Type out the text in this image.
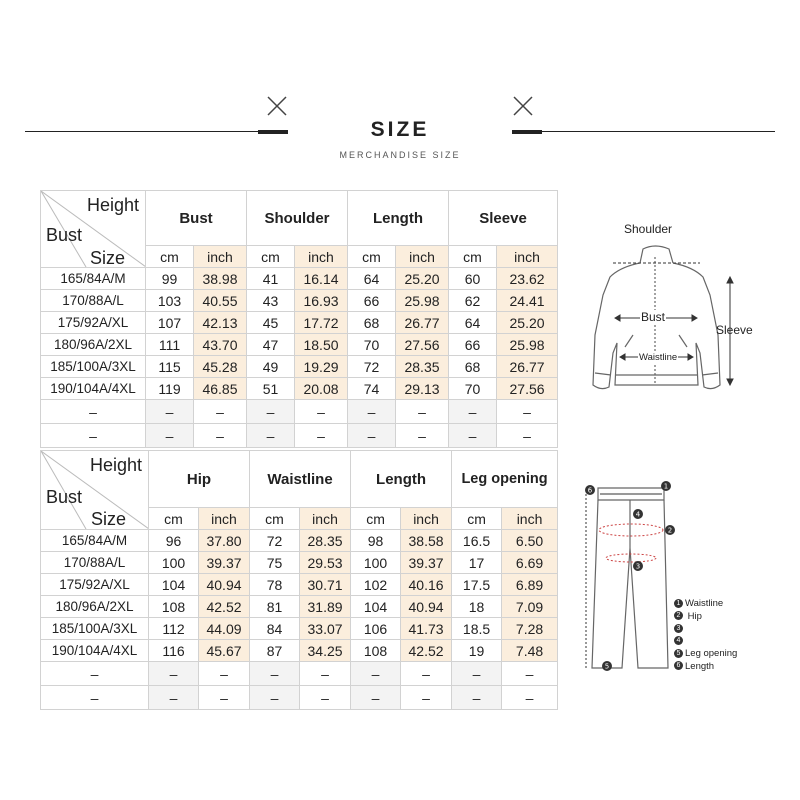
SIZE
MERCHANDISE SIZE
Height
Bust
Size	Bust		Shoulder		Length		Sleeve	
	cm	inch	cm	inch	cm	inch	cm	inch
165/84A/M	99	38.98	41	16.14	64	25.20	60	23.62
170/88A/L	103	40.55	43	16.93	66	25.98	62	24.41
175/92A/XL	107	42.13	45	17.72	68	26.77	64	25.20
180/96A/2XL	111	43.70	47	18.50	70	27.56	66	25.98
185/100A/3XL	115	45.28	49	19.29	72	28.35	68	26.77
190/104A/4XL	119	46.85	51	20.08	74	29.13	70	27.56
–	–	–	–	–	–	–	–	–
–	–	–	–	–	–	–	–	–
Height
Bust
Size	Hip		Waistline		Length		Leg opening	
	cm	inch	cm	inch	cm	inch	cm	inch
165/84A/M	96	37.80	72	28.35	98	38.58	16.5	6.50
170/88A/L	100	39.37	75	29.53	100	39.37	17	6.69
175/92A/XL	104	40.94	78	30.71	102	40.16	17.5	6.89
180/96A/2XL	108	42.52	81	31.89	104	40.94	18	7.09
185/100A/3XL	112	44.09	84	33.07	106	41.73	18.5	7.28
190/104A/4XL	116	45.67	87	34.25	108	42.52	19	7.48
–	–	–	–	–	–	–	–	–
–	–	–	–	–	–	–	–	–
Shoulder
Bust
Sleeve
Waistline
6	1
4
2
3
5
1 Waistline
2 Hip
3
4
5 Leg opening
6 Length
